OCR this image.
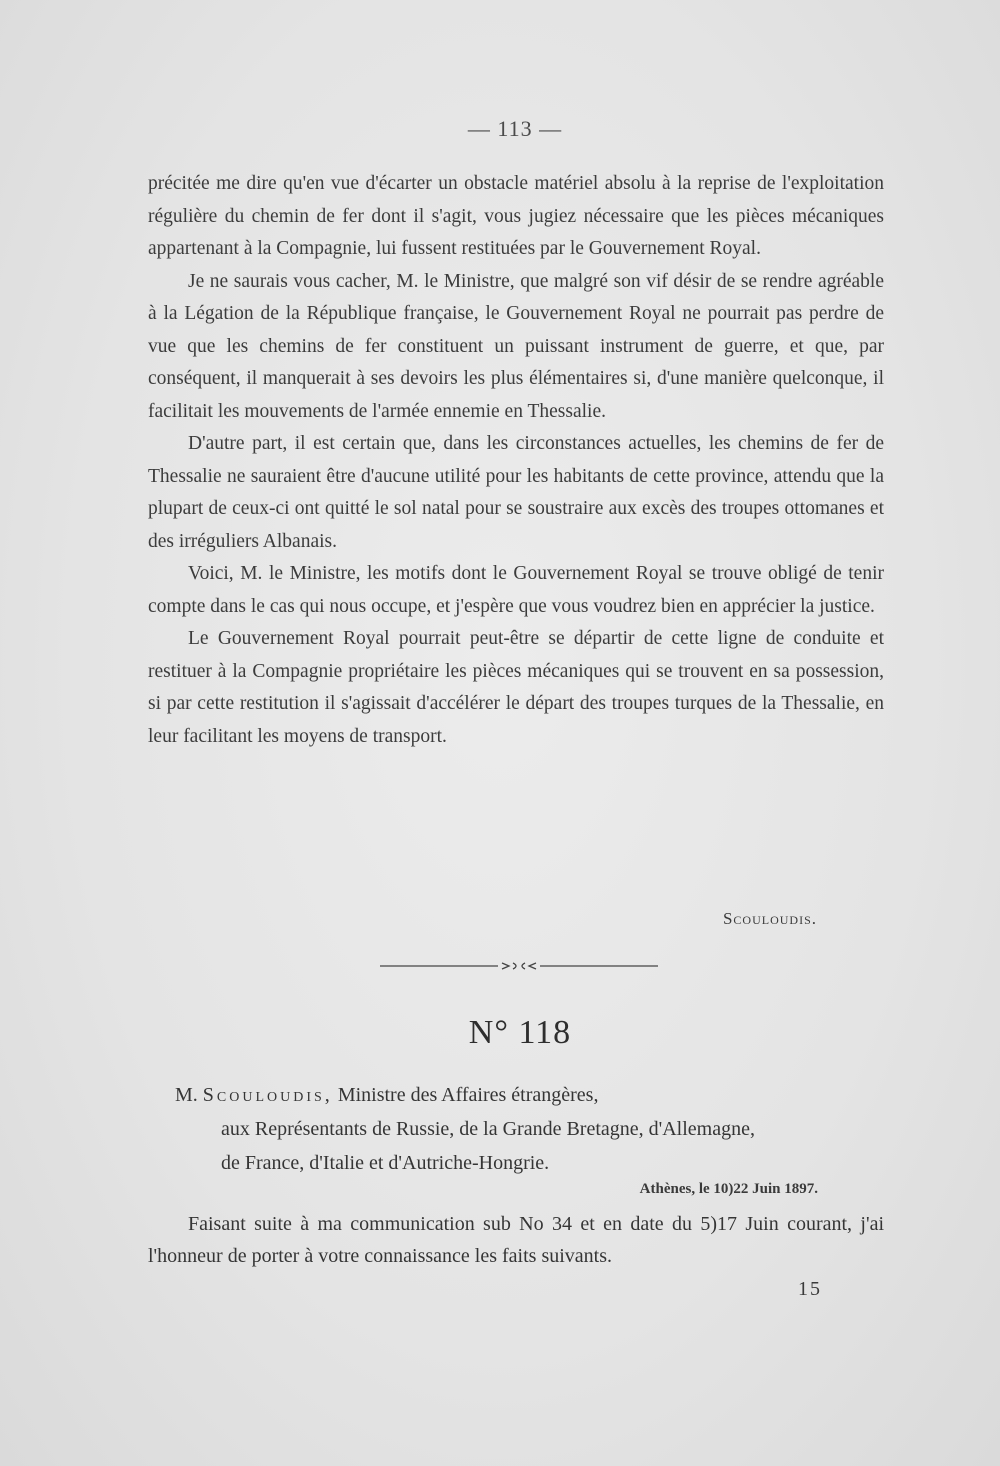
— 113 —

précitée me dire qu'en vue d'écarter un obstacle matériel absolu à la reprise de l'exploitation régulière du chemin de fer dont il s'agit, vous jugiez nécessaire que les pièces mécaniques appartenant à la Compagnie, lui fussent restituées par le Gouvernement Royal.

Je ne saurais vous cacher, M. le Ministre, que malgré son vif désir de se rendre agréable à la Légation de la République française, le Gouvernement Royal ne pourrait pas perdre de vue que les chemins de fer constituent un puissant instrument de guerre, et que, par conséquent, il manquerait à ses devoirs les plus élémentaires si, d'une manière quelconque, il facilitait les mouvements de l'armée ennemie en Thessalie.

D'autre part, il est certain que, dans les circonstances actuelles, les chemins de fer de Thessalie ne sauraient être d'aucune utilité pour les habitants de cette province, attendu que la plupart de ceux-ci ont quitté le sol natal pour se soustraire aux excès des troupes ottomanes et des irréguliers Albanais.

Voici, M. le Ministre, les motifs dont le Gouvernement Royal se trouve obligé de tenir compte dans le cas qui nous occupe, et j'espère que vous voudrez bien en apprécier la justice.

Le Gouvernement Royal pourrait peut-être se départir de cette ligne de conduite et restituer à la Compagnie propriétaire les pièces mécaniques qui se trouvent en sa possession, si par cette restitution il s'agissait d'accélérer le départ des troupes turques de la Thessalie, en leur facilitant les moyens de transport.

Scouloudis.
N° 118
M. Scouloudis, Ministre des Affaires étrangères,
aux Représentants de Russie, de la Grande Bretagne, d'Allemagne,
de France, d'Italie et d'Autriche-Hongrie.
Athènes, le 10)22 Juin 1897.

Faisant suite à ma communication sub No 34 et en date du 5)17 Juin courant, j'ai l'honneur de porter à votre connaissance les faits suivants.

15
